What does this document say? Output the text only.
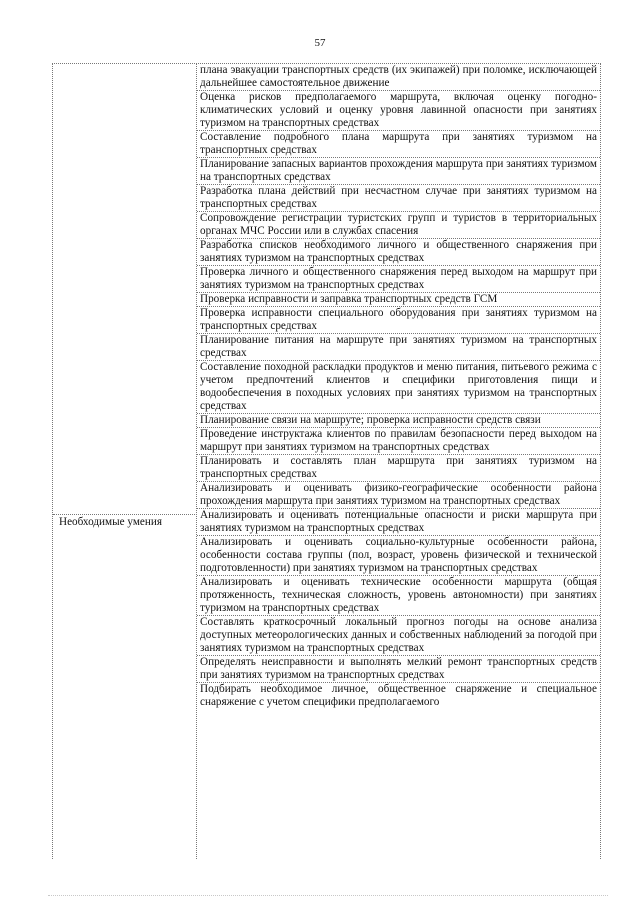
57
Необходимые умения
плана эвакуации транспортных средств (их экипажей) при поломке, исключающей дальнейшее самостоятельное движение
Оценка рисков предполагаемого маршрута, включая оценку погодно-климатических условий и оценку уровня лавинной опасности при занятиях туризмом на транспортных средствах
Составление подробного плана маршрута при занятиях туризмом на транспортных средствах
Планирование запасных вариантов прохождения маршрута при занятиях туризмом на транспортных средствах
Разработка плана действий при несчастном случае при занятиях туризмом на транспортных средствах
Сопровождение регистрации туристских групп и туристов в территориальных органах МЧС России или в службах спасения
Разработка списков необходимого личного и общественного снаряжения при занятиях туризмом на транспортных средствах
Проверка личного и общественного снаряжения перед выходом на маршрут при занятиях туризмом на транспортных средствах
Проверка исправности и заправка транспортных средств ГСМ
Проверка исправности специального оборудования при занятиях туризмом на транспортных средствах
Планирование питания на маршруте при занятиях туризмом на транспортных средствах
Составление походной раскладки продуктов и меню питания, питьевого режима с учетом предпочтений клиентов и специфики приготовления пищи и водообеспечения в походных условиях при занятиях туризмом на транспортных средствах
Планирование связи на маршруте; проверка исправности средств связи
Проведение инструктажа клиентов по правилам безопасности перед выходом на маршрут при занятиях туризмом на транспортных средствах
Планировать и составлять план маршрута при занятиях туризмом на транспортных средствах
Анализировать и оценивать физико-географические особенности района прохождения маршрута при занятиях туризмом на транспортных средствах
Анализировать и оценивать потенциальные опасности и риски маршрута при занятиях туризмом на транспортных средствах
Анализировать и оценивать социально-культурные особенности района, особенности состава группы (пол, возраст, уровень физической и технической подготовленности) при занятиях туризмом на транспортных средствах
Анализировать и оценивать технические особенности маршрута (общая протяженность, техническая сложность, уровень автономности) при занятиях туризмом на транспортных средствах
Составлять краткосрочный локальный прогноз погоды на основе анализа доступных метеорологических данных и собственных наблюдений за погодой при занятиях туризмом на транспортных средствах
Определять неисправности и выполнять мелкий ремонт транспортных средств при занятиях туризмом на транспортных средствах
Подбирать необходимое личное, общественное снаряжение и специальное снаряжение с учетом специфики предполагаемого
